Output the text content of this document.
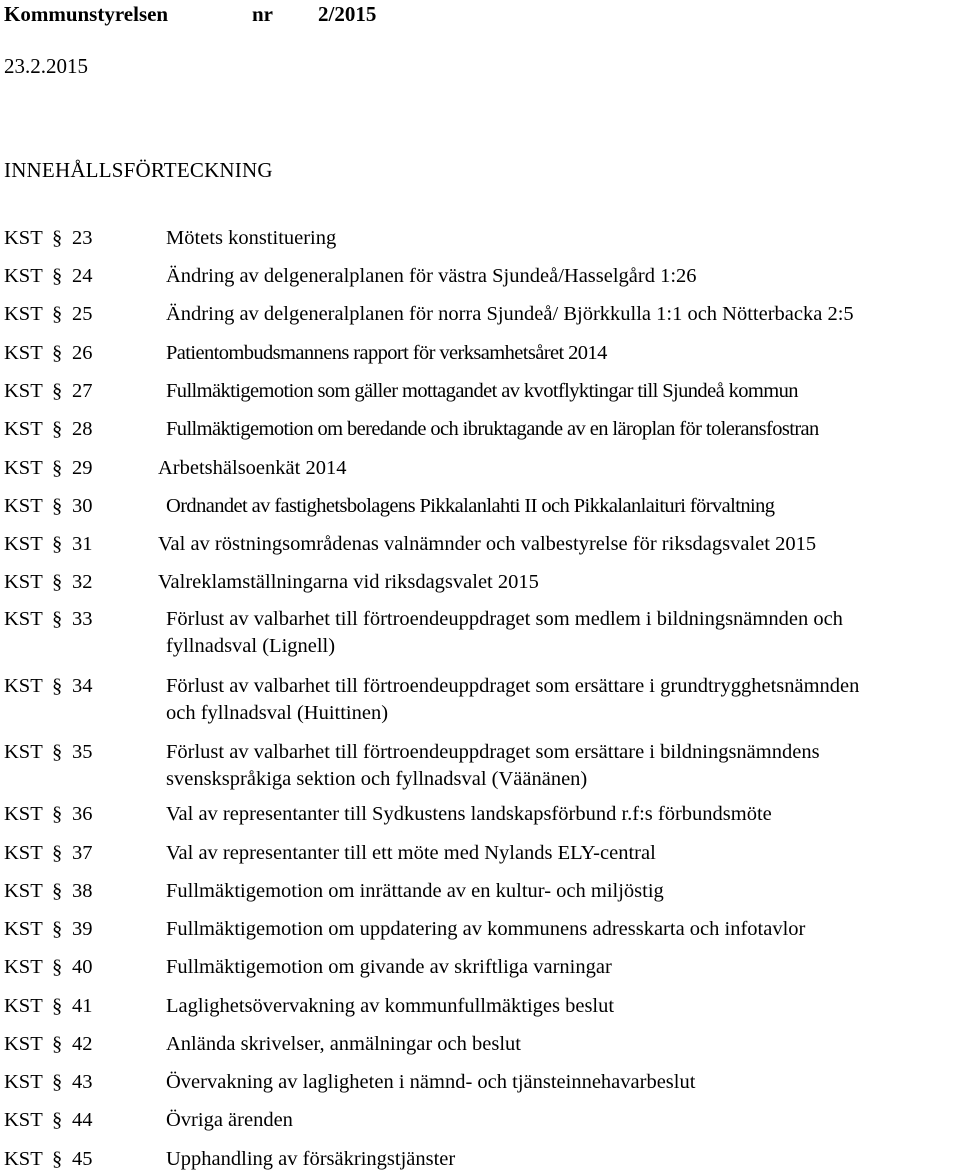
Kommunstyrelsen	nr 2/2015
23.2.2015
INNEHÅLLSFÖRTECKNING
KST § 23	Mötets konstituering
KST § 24	Ändring av delgeneralplanen för västra Sjundeå/Hasselgård 1:26
KST § 25	Ändring av delgeneralplanen för norra Sjundeå/ Björkkulla 1:1 och Nötterbacka 2:5
KST § 26	Patientombudsmannens rapport för verksamhetsåret 2014
KST § 27	Fullmäktigemotion som gäller mottagandet av kvotflyktingar till Sjundeå kommun
KST § 28	Fullmäktigemotion om beredande och ibruktagande av en läroplan för toleransfostran
KST § 29	Arbetshälsoenkät 2014
KST § 30	Ordnandet av fastighetsbolagens Pikkalanlahti II och Pikkalanlaituri förvaltning
KST § 31	Val av röstningsområdenas valnämnder och valbestyrelse för riksdagsvalet 2015
KST § 32	Valreklamställningarna vid riksdagsvalet 2015
KST § 33	Förlust av valbarhet till förtroendeuppdraget som medlem i bildningsnämnden och
fyllnadsval (Lignell)
KST § 34	Förlust av valbarhet till förtroendeuppdraget som ersättare i grundtrygghetsnämnden
och fyllnadsval (Huittinen)
KST § 35	Förlust av valbarhet till förtroendeuppdraget som ersättare i bildningsnämndens
svenskspråkiga sektion och fyllnadsval (Väänänen)
KST § 36	Val av representanter till Sydkustens landskapsförbund r.f:s förbundsmöte
KST § 37	Val av representanter till ett möte med Nylands ELY-central
KST § 38	Fullmäktigemotion om inrättande av en kultur- och miljöstig
KST § 39	Fullmäktigemotion om uppdatering av kommunens adresskarta och infotavlor
KST § 40	Fullmäktigemotion om givande av skriftliga varningar
KST § 41	Laglighetsövervakning av kommunfullmäktiges beslut
KST § 42	Anlända skrivelser, anmälningar och beslut
KST § 43	Övervakning av lagligheten i nämnd- och tjänsteinnehavarbeslut
KST § 44	Övriga ärenden
KST § 45	Upphandling av försäkringstjänster
